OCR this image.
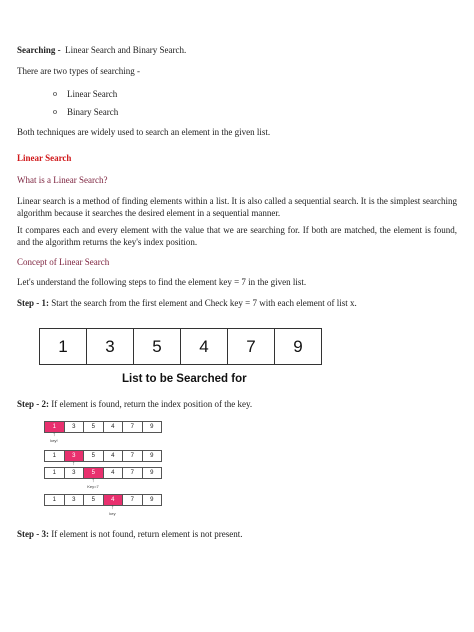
Searching - Linear Search and Binary Search.

There are two types of searching -

o Linear Search
o Binary Search

Both techniques are widely used to search an element in the given list.

Linear Search

What is a Linear Search?

Linear search is a method of finding elements within a list. It is also called a sequential search. It is the simplest searching algorithm because it searches the desired element in a sequential manner.

It compares each and every element with the value that we are searching for. If both are matched, the element is found, and the algorithm returns the key's index position.

Concept of Linear Search

Let's understand the following steps to find the element key = 7 in the given list.

Step - 1: Start the search from the first element and Check key = 7 with each element of list x.

Step - 2: If element is found, return the index position of the key.

Step - 3: If element is not found, return element is not present.

1	3	5	4	7	9
List to be Searched for
1	3	5	4	7	9
↑
key!
1	3	5	4	7	9
↑
1	3	5	4	7	9
↑
Key=7
1	3	5	4	7	9
↑
key
